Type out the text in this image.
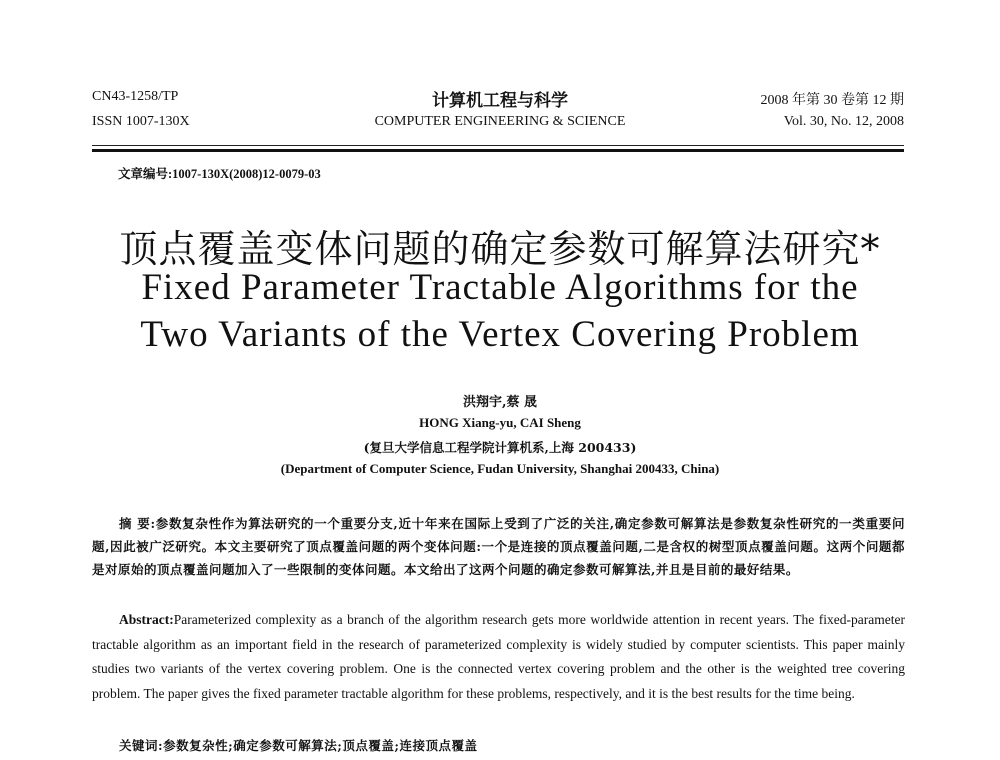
CN43-1258/TP
ISSN 1007-130X
计算机工程与科学
COMPUTER ENGINEERING & SCIENCE
2008 年第 30 卷第 12 期
Vol. 30, No. 12, 2008
文章编号:1007-130X(2008)12-0079-03
顶点覆盖变体问题的确定参数可解算法研究*
Fixed Parameter Tractable Algorithms for the
Two Variants of the Vertex Covering Problem
洪翔宇,蔡 晟
HONG Xiang-yu, CAI Sheng
(复旦大学信息工程学院计算机系,上海 200433)
(Department of Computer Science, Fudan University, Shanghai 200433, China)
摘 要:参数复杂性作为算法研究的一个重要分支,近十年来在国际上受到了广泛的关注,确定参数可解算法是参数复杂性研究的一类重要问题,因此被广泛研究。本文主要研究了顶点覆盖问题的两个变体问题:一个是连接的顶点覆盖问题,二是含权的树型顶点覆盖问题。这两个问题都是对原始的顶点覆盖问题加入了一些限制的变体问题。本文给出了这两个问题的确定参数可解算法,并且是目前的最好结果。
Abstract:Parameterized complexity as a branch of the algorithm research gets more worldwide attention in recent years. The fixed-parameter tractable algorithm as an important field in the research of parameterized complexity is widely studied by computer scientists. This paper mainly studies two variants of the vertex covering problem. One is the connected vertex covering problem and the other is the weighted tree covering problem. The paper gives the fixed parameter tractable algorithm for these problems, respectively, and it is the best results for the time being.
关键词:参数复杂性;确定参数可解算法;顶点覆盖;连接顶点覆盖
